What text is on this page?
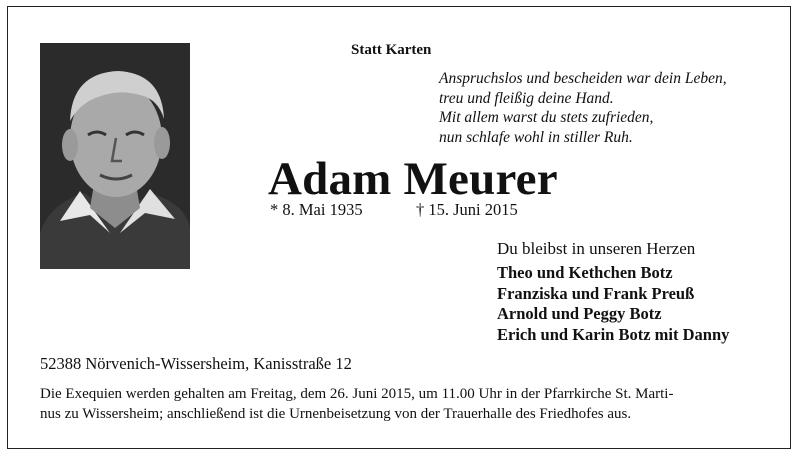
Statt Karten
Anspruchslos und bescheiden war dein Leben,
treu und fleißig deine Hand.
Mit allem warst du stets zufrieden,
nun schlafe wohl in stiller Ruh.
Adam Meurer
* 8. Mai 1935	† 15. Juni 2015
Du bleibst in unseren Herzen
Theo und Kethchen Botz
Franziska und Frank Preuß
Arnold und Peggy Botz
Erich und Karin Botz mit Danny
52388 Nörvenich-Wissersheim, Kanisstraße 12
Die Exequien werden gehalten am Freitag, dem 26. Juni 2015, um 11.00 Uhr in der Pfarrkirche St. Marti-
nus zu Wissersheim; anschließend ist die Urnenbeisetzung von der Trauerhalle des Friedhofes aus.
